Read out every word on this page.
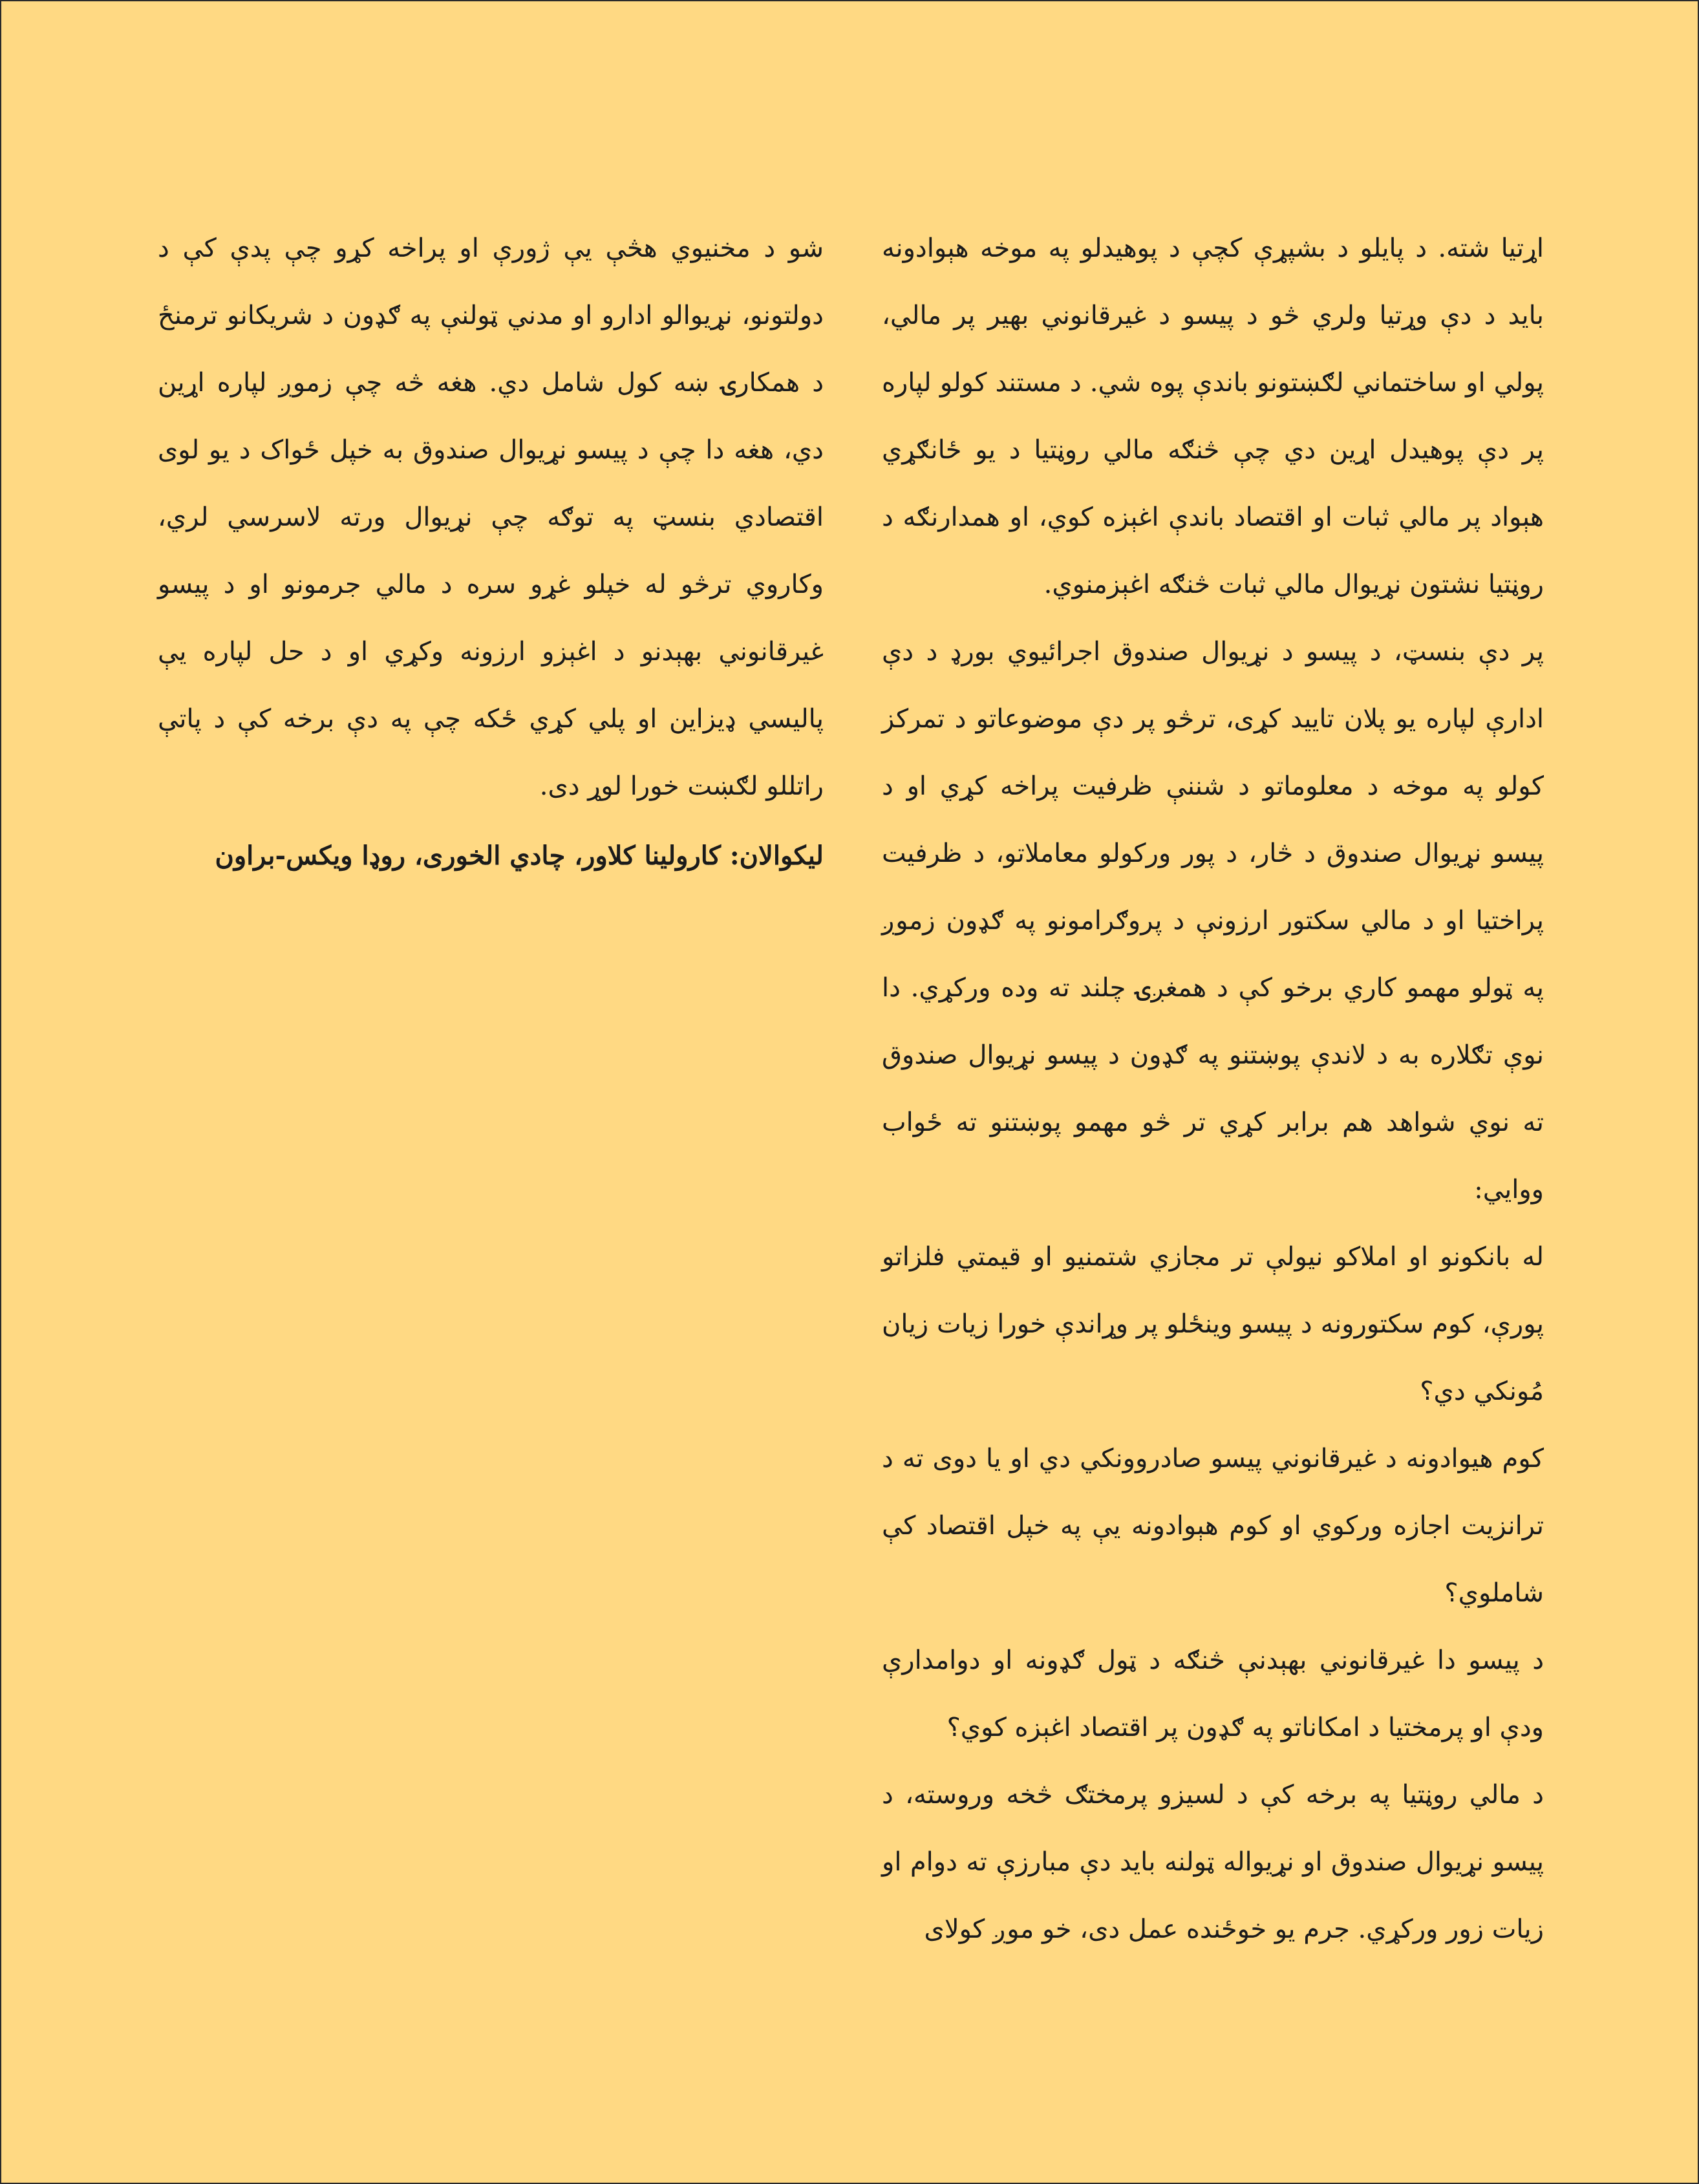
اړتیا شته. د پایلو د بشپړې کچې د پوهیدلو په موخه هېوادونه باید د دې وړتیا ولري څو د پیسو د غیرقانوني بهیر پر مالي، پولي او ساختماني لګښتونو باندې پوه شي. د مستند کولو لپاره پر دې پوهیدل اړین دي چې څنګه مالي روڼتیا د یو ځانګړي هېواد پر مالي ثبات او اقتصاد باندې اغېزه کوي، او همدارنګه د روڼتیا نشتون نړیوال مالي ثبات څنګه اغېزمنوي.

پر دې بنسټ، د پیسو د نړیوال صندوق اجرائیوي بورډ د دې ادارې لپاره یو پلان تایید کړی، ترڅو پر دې موضوعاتو د تمرکز کولو په موخه د معلوماتو د شننې ظرفیت پراخه کړي او د پیسو نړیوال صندوق د څار، د پور ورکولو معاملاتو، د ظرفیت پراختیا او د مالي سکتور ارزونې د پروګرامونو په ګډون زموږ په ټولو مهمو کاري برخو کې د همغږۍ چلند ته وده ورکړي. دا نوې تګلاره به د لاندې پوښتنو په ګډون د پیسو نړیوال صندوق ته نوي شواهد هم برابر کړي تر څو مهمو پوښتنو ته ځواب ووایي:

له بانکونو او املاکو نیولې تر مجازي شتمنیو او قیمتي فلزاتو پورې، کوم سکتورونه د پیسو وینځلو پر وړاندې خورا زیات زیان مُونکي دي؟

کوم هیوادونه د غیرقانوني پیسو صادروونکي دي او یا دوی ته د ترانزیت اجازه ورکوي او کوم هېوادونه یې په خپل اقتصاد کې شاملوي؟

د پیسو دا غیرقانوني بهېدنې څنګه د ټول ګډونه او دوامدارې ودې او پرمختیا د امکاناتو په ګډون پر اقتصاد اغېزه کوي؟

د مالي روڼتیا په برخه کې د لسیزو پرمختګ څخه وروسته، د پیسو نړیوال صندوق او نړیواله ټولنه باید دې مبارزې ته دوام او زیات زور ورکړي. جرم یو خوځنده عمل دی، خو موږ کولای

شو د مخنیوي هڅې یې ژورې او پراخه کړو چې پدې کې د دولتونو، نړیوالو ادارو او مدني ټولنې په ګډون د شریکانو ترمنځ د همکارۍ ښه کول شامل دي. هغه څه چې زموږ لپاره اړین دي، هغه دا چې د پیسو نړیوال صندوق به خپل ځواک د یو لوی اقتصادي بنسټ په توګه چې نړیوال ورته لاسرسي لري، وکاروي ترڅو له خپلو غړو سره د مالي جرمونو او د پیسو غیرقانوني بهېدنو د اغېزو ارزونه وکړي او د حل لپاره یې پالیسي ډیزاین او پلي کړي ځکه چې په دې برخه کې د پاتې راتللو لګښت خورا لوړ دی.

لیکوالان: کارولینا کلاور، چادي الخوری، روډا ویکس-براون
